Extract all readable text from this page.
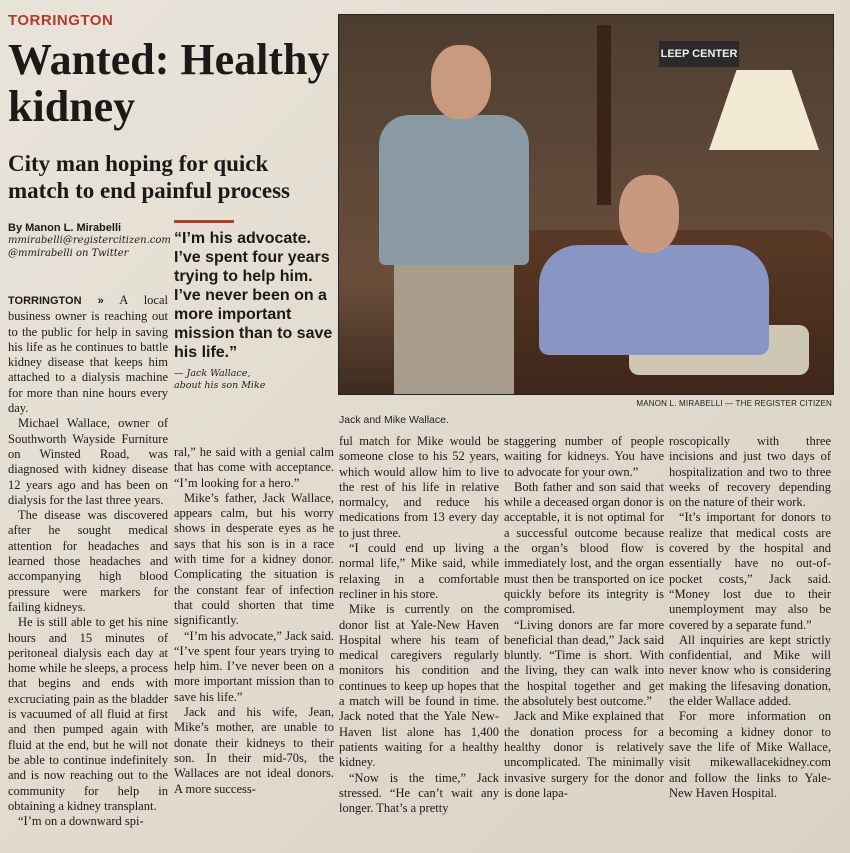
TORRINGTON
Wanted: Healthy kidney
City man hoping for quick match to end painful process
By Manon L. Mirabelli
mmirabelli@registercitizen.com
@mmirabelli on Twitter
“I’m his advocate. I’ve spent four years trying to help him. I’ve never been on a more important mission than to save his life.”
— Jack Wallace,
about his son Mike

TORRINGTON » A local business owner is reaching out to the public for help in saving his life as he continues to battle kidney disease that keeps him attached to a dialysis machine for more than nine hours every day.

Michael Wallace, owner of Southworth Wayside Furniture on Winsted Road, was diagnosed with kidney disease 12 years ago and has been on dialysis for the last three years.

The disease was discovered after he sought medical attention for headaches and learned those headaches and accompanying high blood pressure were markers for failing kidneys.

He is still able to get his nine hours and 15 minutes of peritoneal dialysis each day at home while he sleeps, a process that begins and ends with excruciating pain as the bladder is vacuumed of all fluid at first and then pumped again with fluid at the end, but he will not be able to continue indefinitely and is now reaching out to the community for help in obtaining a kidney transplant.

“I’m on a downward spi-

ral,” he said with a genial calm that has come with acceptance. “I’m looking for a hero.”

Mike’s father, Jack Wallace, appears calm, but his worry shows in desperate eyes as he says that his son is in a race with time for a kidney donor. Complicating the situation is the constant fear of infection that could shorten that time significantly.

“I’m his advocate,” Jack said. “I’ve spent four years trying to help him. I’ve never been on a more important mission than to save his life.”

Jack and his wife, Jean, Mike’s mother, are unable to donate their kidneys to their son. In their mid-70s, the Wallaces are not ideal donors. A more success-

LEEP CENTER
MANON L. MIRABELLI — THE REGISTER CITIZEN
Jack and Mike Wallace.

ful match for Mike would be someone close to his 52 years, which would allow him to live the rest of his life in relative normalcy, and reduce his medications from 13 every day to just three.

“I could end up living a normal life,” Mike said, while relaxing in a comfortable recliner in his store.

Mike is currently on the donor list at Yale-New Haven Hospital where his team of medical caregivers regularly monitors his condition and continues to keep up hopes that a match will be found in time. Jack noted that the Yale New-Haven list alone has 1,400 patients waiting for a healthy kidney.

“Now is the time,” Jack stressed. “He can’t wait any longer. That’s a pretty

staggering number of people waiting for kidneys. You have to advocate for your own.”

Both father and son said that while a deceased organ donor is acceptable, it is not optimal for a successful outcome because the organ’s blood flow is immediately lost, and the organ must then be transported on ice quickly before its integrity is compromised.

“Living donors are far more beneficial than dead,” Jack said bluntly. “Time is short. With the living, they can walk into the hospital together and get the absolutely best outcome.”

Jack and Mike explained that the donation process for a healthy donor is relatively uncomplicated. The minimally invasive surgery for the donor is done lapa-

roscopically with three incisions and just two days of hospitalization and two to three weeks of recovery depending on the nature of their work.

“It’s important for donors to realize that medical costs are covered by the hospital and essentially have no out-of-pocket costs,” Jack said. “Money lost due to their unemployment may also be covered by a separate fund.”

All inquiries are kept strictly confidential, and Mike will never know who is considering making the lifesaving donation, the elder Wallace added.

For more information on becoming a kidney donor to save the life of Mike Wallace, visit mikewallacekidney.com and follow the links to Yale-New Haven Hospital.
